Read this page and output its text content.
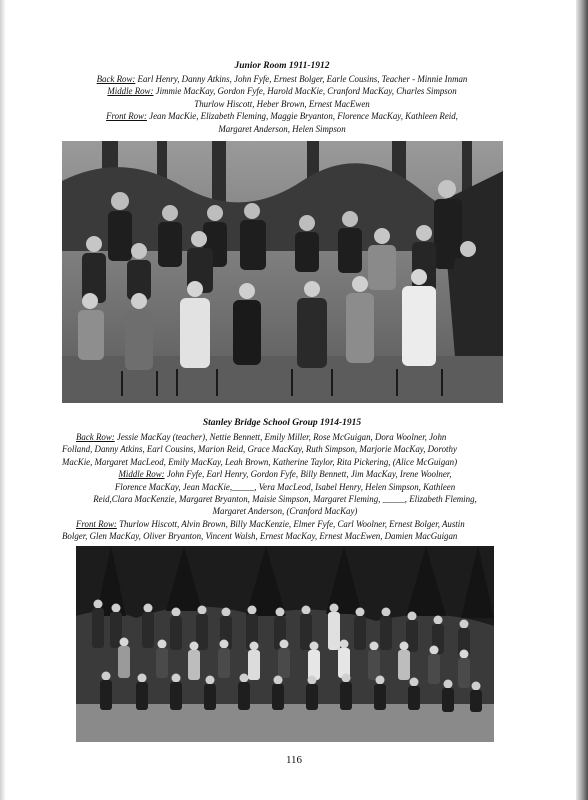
Junior Room 1911-1912
Back Row: Earl Henry, Danny Atkins, John Fyfe, Ernest Bolger, Earle Cousins, Teacher - Minnie Inman
Middle Row: Jimmie MacKay, Gordon Fyfe, Harold MacKie, Cranford MacKay, Charles Simpson
Thurlow Hiscott, Heber Brown, Ernest MacEwen
Front Row: Jean MacKie, Elizabeth Fleming, Maggie Bryanton, Florence MacKay, Kathleen Reid,
Margaret Anderson, Helen Simpson
Stanley Bridge School Group 1914-1915
Back Row: Jessie MacKay (teacher), Nettie Bennett, Emily Miller, Rose McGuigan, Dora Woolner, John
Folland, Danny Atkins, Earl Cousins, Marion Reid, Grace MacKay, Ruth Simpson, Marjorie MacKay, Dorothy
MacKie, Margaret MacLeod, Emily MacKay, Leah Brown, Katherine Taylor, Rita Pickering, (Alice McGuigan)
Middle Row: John Fyfe, Earl Henry, Gordon Fyfe, Billy Bennett, Jim MacKay, Irene Woolner,
Florence MacKay, Jean MacKie,_____, Vera MacLeod, Isabel Henry, Helen Simpson, Kathleen
Reid,Clara MacKenzie, Margaret Bryanton, Maisie Simpson, Margaret Fleming, _____, Elizabeth Fleming,
Margaret Anderson, (Cranford MacKay)
Front Row: Thurlow Hiscott, Alvin Brown, Billy MacKenzie, Elmer Fyfe, Carl Woolner, Ernest Bolger, Austin
Bolger, Glen MacKay, Oliver Bryanton, Vincent Walsh, Ernest MacKay, Ernest MacEwen, Damien MacGuigan
116
